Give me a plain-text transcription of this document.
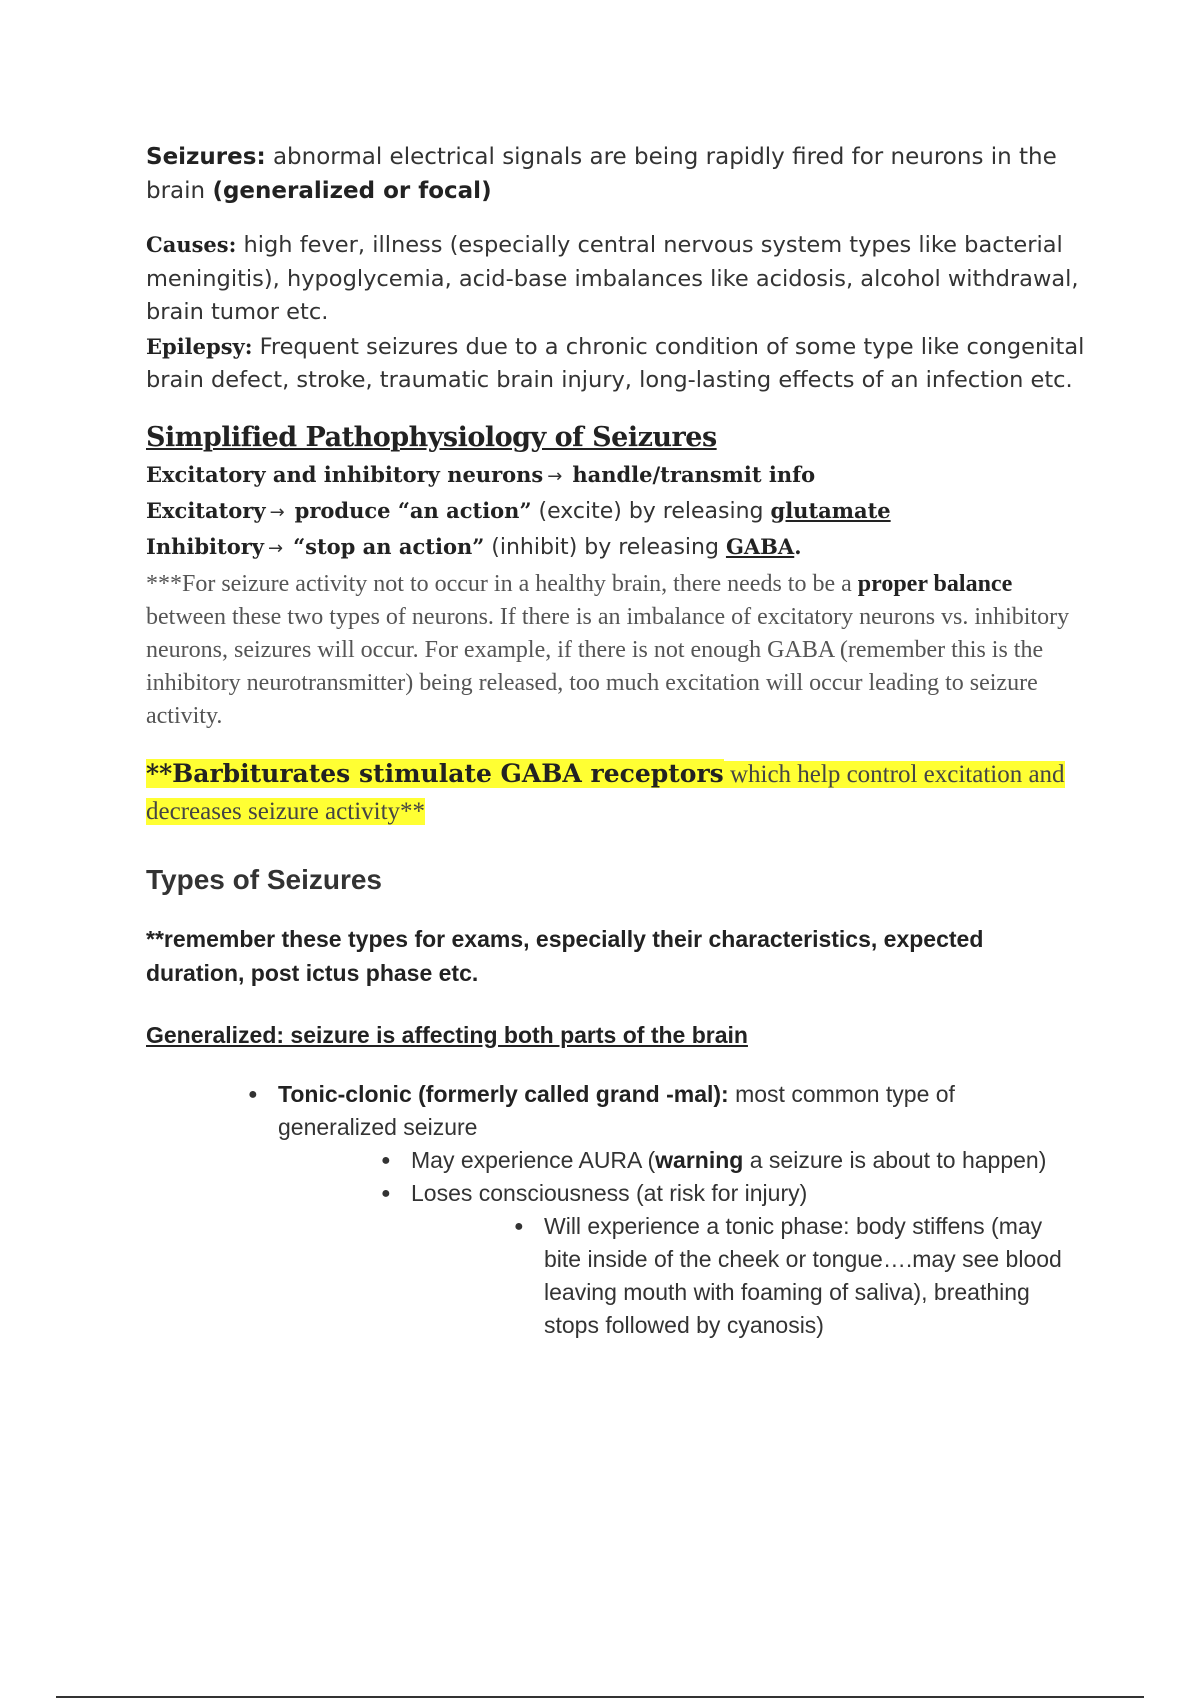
Seizures: abnormal electrical signals are being rapidly fired for neurons in the brain (generalized or focal)

Causes: high fever, illness (especially central nervous system types like bacterial meningitis), hypoglycemia, acid-base imbalances like acidosis, alcohol withdrawal, brain tumor etc.

Epilepsy: Frequent seizures due to a chronic condition of some type like congenital brain defect, stroke, traumatic brain injury, long-lasting effects of an infection etc.

Simplified Pathophysiology of Seizures

Excitatory and inhibitory neurons → handle/transmit info

Excitatory → produce “an action” (excite) by releasing glutamate

Inhibitory → “stop an action” (inhibit) by releasing GABA.

***For seizure activity not to occur in a healthy brain, there needs to be a proper balance between these two types of neurons. If there is an imbalance of excitatory neurons vs. inhibitory neurons, seizures will occur. For example, if there is not enough GABA (remember this is the inhibitory neurotransmitter) being released, too much excitation will occur leading to seizure activity.

**Barbiturates stimulate GABA receptors which help control excitation and decreases seizure activity**

Types of Seizures

**remember these types for exams, especially their characteristics, expected duration, post ictus phase etc.

Generalized: seizure is affecting both parts of the brain

● Tonic-clonic (formerly called grand -mal): most common type of generalized seizure
● May experience AURA (warning a seizure is about to happen)
● Loses consciousness (at risk for injury)
● Will experience a tonic phase: body stiffens (may bite inside of the cheek or tongue….may see blood leaving mouth with foaming of saliva), breathing stops followed by cyanosis)
